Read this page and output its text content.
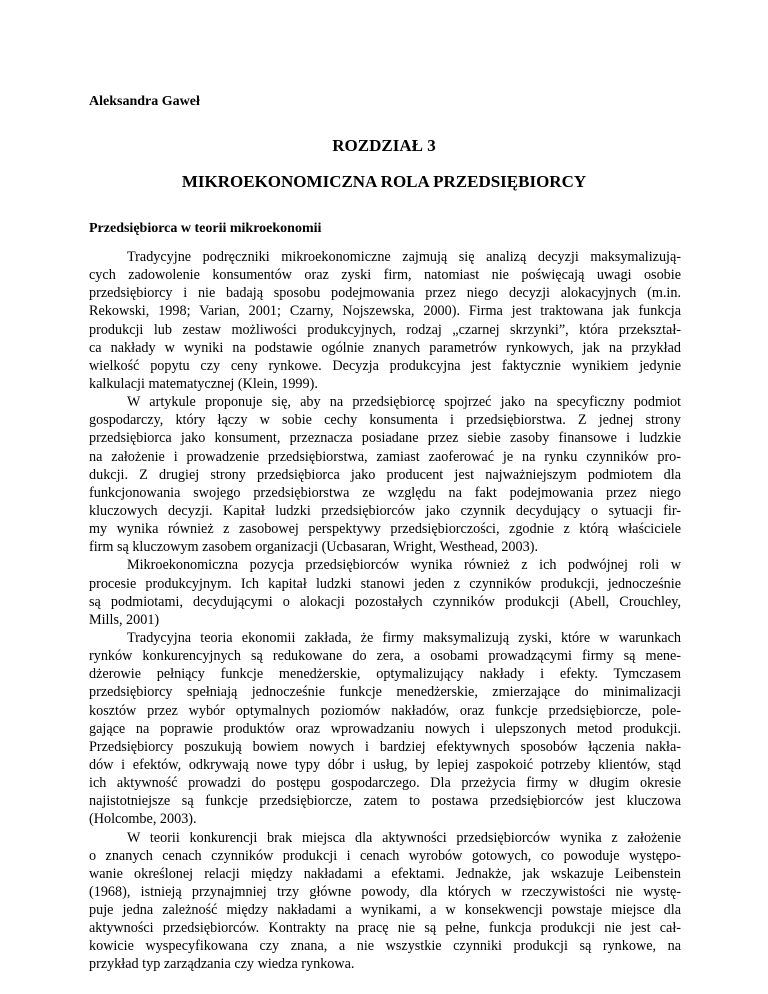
Aleksandra Gaweł
ROZDZIAŁ 3
MIKROEKONOMICZNA ROLA PRZEDSIĘBIORCY
Przedsiębiorca w teorii mikroekonomii
Tradycyjne podręczniki mikroekonomiczne zajmują się analizą decyzji maksymalizują-
cych zadowolenie konsumentów oraz zyski firm, natomiast nie poświęcają uwagi osobie
przedsiębiorcy i nie badają sposobu podejmowania przez niego decyzji alokacyjnych (m.in.
Rekowski, 1998; Varian, 2001; Czarny, Nojszewska, 2000). Firma jest traktowana jak funkcja
produkcji lub zestaw możliwości produkcyjnych, rodzaj „czarnej skrzynki”, która przekształ-
ca nakłady w wyniki na podstawie ogólnie znanych parametrów rynkowych, jak na przykład
wielkość popytu czy ceny rynkowe. Decyzja produkcyjna jest faktycznie wynikiem jedynie
kalkulacji matematycznej (Klein, 1999).
W artykule proponuje się, aby na przedsiębiorcę spojrzeć jako na specyficzny podmiot
gospodarczy, który łączy w sobie cechy konsumenta i przedsiębiorstwa. Z jednej strony
przedsiębiorca jako konsument, przeznacza posiadane przez siebie zasoby finansowe i ludzkie
na założenie i prowadzenie przedsiębiorstwa, zamiast zaoferować je na rynku czynników pro-
dukcji. Z drugiej strony przedsiębiorca jako producent jest najważniejszym podmiotem dla
funkcjonowania swojego przedsiębiorstwa ze względu na fakt podejmowania przez niego
kluczowych decyzji. Kapitał ludzki przedsiębiorców jako czynnik decydujący o sytuacji fir-
my wynika również z zasobowej perspektywy przedsiębiorczości, zgodnie z którą właściciele
firm są kluczowym zasobem organizacji (Ucbasaran, Wright, Westhead, 2003).
Mikroekonomiczna pozycja przedsiębiorców wynika również z ich podwójnej roli w
procesie produkcyjnym. Ich kapitał ludzki stanowi jeden z czynników produkcji, jednocześnie
są podmiotami, decydującymi o alokacji pozostałych czynników produkcji (Abell, Crouchley,
Mills, 2001)
Tradycyjna teoria ekonomii zakłada, że firmy maksymalizują zyski, które w warunkach
rynków konkurencyjnych są redukowane do zera, a osobami prowadzącymi firmy są mene-
dżerowie pełniący funkcje menedżerskie, optymalizujący nakłady i efekty. Tymczasem
przedsiębiorcy spełniają jednocześnie funkcje menedżerskie, zmierzające do minimalizacji
kosztów przez wybór optymalnych poziomów nakładów, oraz funkcje przedsiębiorcze, pole-
gające na poprawie produktów oraz wprowadzaniu nowych i ulepszonych metod produkcji.
Przedsiębiorcy poszukują bowiem nowych i bardziej efektywnych sposobów łączenia nakła-
dów i efektów, odkrywają nowe typy dóbr i usług, by lepiej zaspokoić potrzeby klientów, stąd
ich aktywność prowadzi do postępu gospodarczego. Dla przeżycia firmy w długim okresie
najistotniejsze są funkcje przedsiębiorcze, zatem to postawa przedsiębiorców jest kluczowa
(Holcombe, 2003).
W teorii konkurencji brak miejsca dla aktywności przedsiębiorców wynika z założenie
o znanych cenach czynników produkcji i cenach wyrobów gotowych, co powoduje występo-
wanie określonej relacji między nakładami a efektami. Jednakże, jak wskazuje Leibenstein
(1968), istnieją przynajmniej trzy główne powody, dla których w rzeczywistości nie wystę-
puje jedna zależność między nakładami a wynikami, a w konsekwencji powstaje miejsce dla
aktywności przedsiębiorców. Kontrakty na pracę nie są pełne, funkcja produkcji nie jest cał-
kowicie wyspecyfikowana czy znana, a nie wszystkie czynniki produkcji są rynkowe, na
przykład typ zarządzania czy wiedza rynkowa.
